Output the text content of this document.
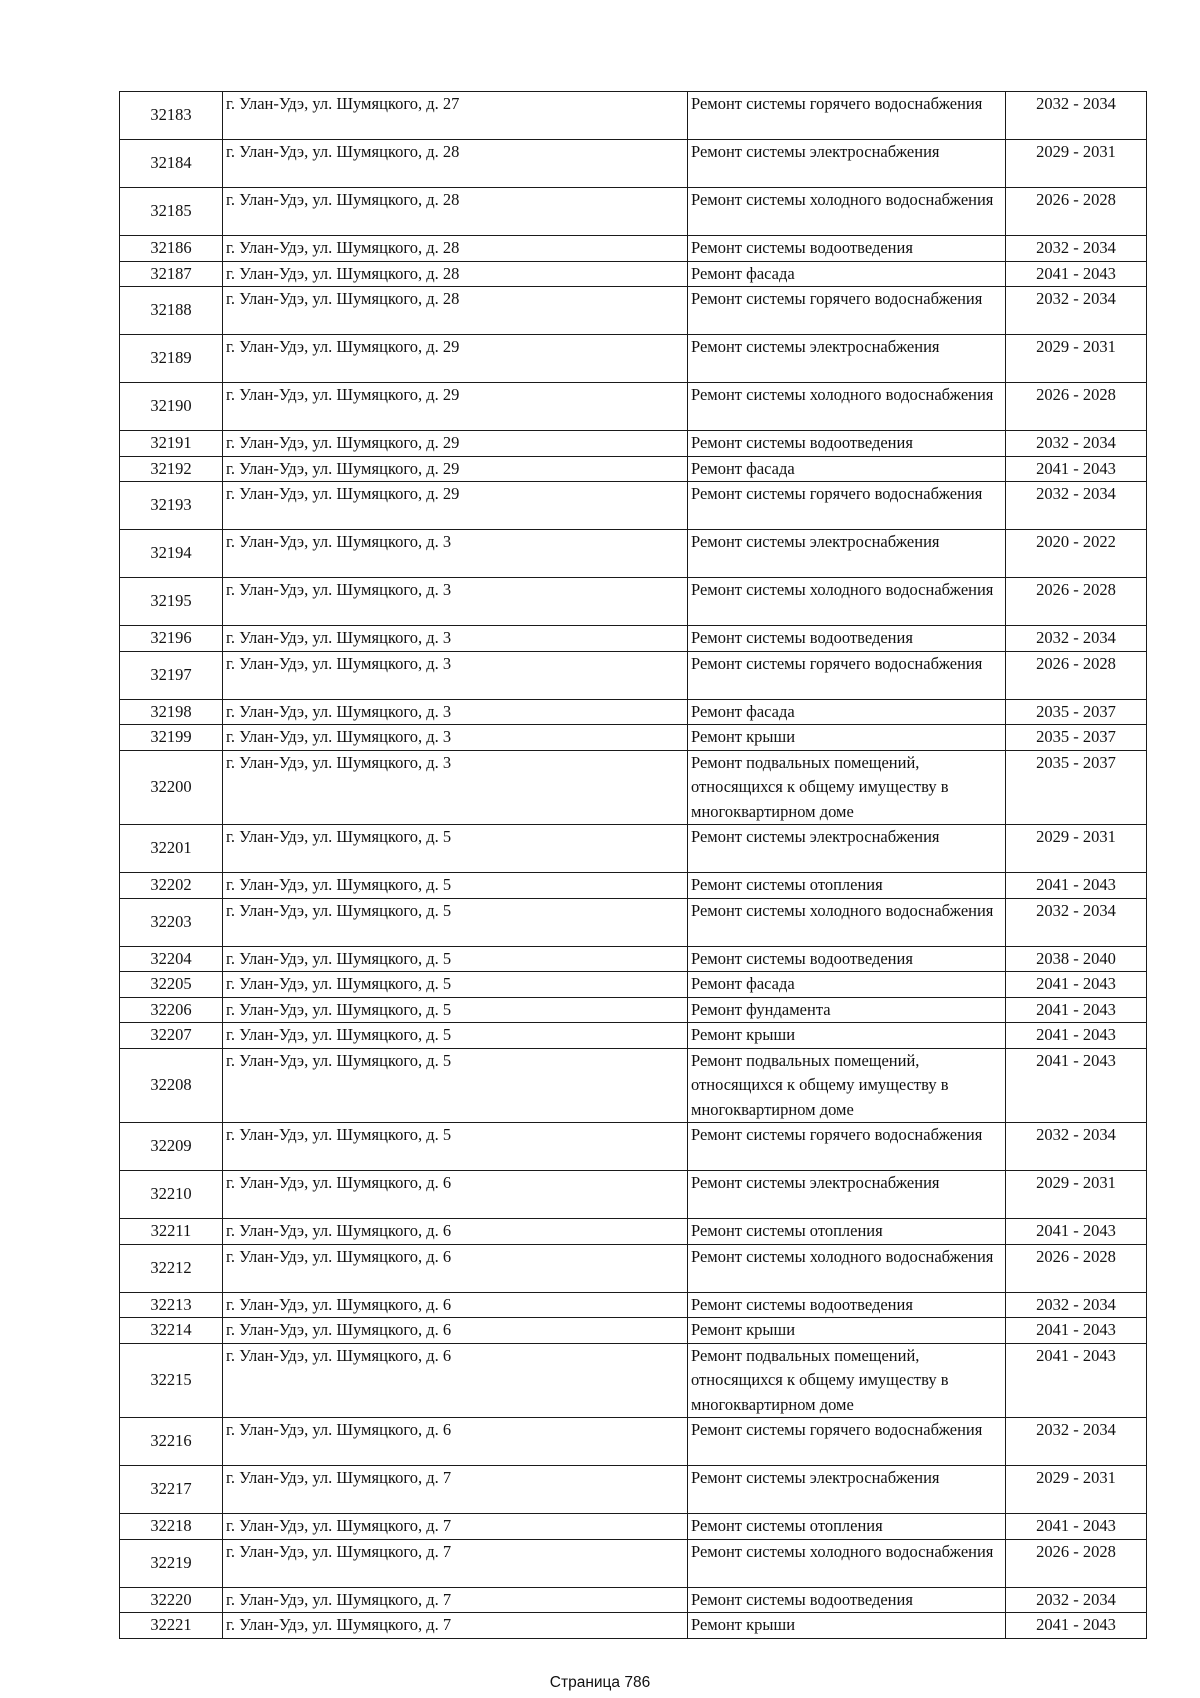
32183	г. Улан-Удэ, ул. Шумяцкого, д. 27	Ремонт системы горячего водоснабжения	2032 - 2034
32184	г. Улан-Удэ, ул. Шумяцкого, д. 28	Ремонт системы электроснабжения	2029 - 2031
32185	г. Улан-Удэ, ул. Шумяцкого, д. 28	Ремонт системы холодного водоснабжения	2026 - 2028
32186	г. Улан-Удэ, ул. Шумяцкого, д. 28	Ремонт системы водоотведения	2032 - 2034
32187	г. Улан-Удэ, ул. Шумяцкого, д. 28	Ремонт фасада	2041 - 2043
32188	г. Улан-Удэ, ул. Шумяцкого, д. 28	Ремонт системы горячего водоснабжения	2032 - 2034
32189	г. Улан-Удэ, ул. Шумяцкого, д. 29	Ремонт системы электроснабжения	2029 - 2031
32190	г. Улан-Удэ, ул. Шумяцкого, д. 29	Ремонт системы холодного водоснабжения	2026 - 2028
32191	г. Улан-Удэ, ул. Шумяцкого, д. 29	Ремонт системы водоотведения	2032 - 2034
32192	г. Улан-Удэ, ул. Шумяцкого, д. 29	Ремонт фасада	2041 - 2043
32193	г. Улан-Удэ, ул. Шумяцкого, д. 29	Ремонт системы горячего водоснабжения	2032 - 2034
32194	г. Улан-Удэ, ул. Шумяцкого, д. 3	Ремонт системы электроснабжения	2020 - 2022
32195	г. Улан-Удэ, ул. Шумяцкого, д. 3	Ремонт системы холодного водоснабжения	2026 - 2028
32196	г. Улан-Удэ, ул. Шумяцкого, д. 3	Ремонт системы водоотведения	2032 - 2034
32197	г. Улан-Удэ, ул. Шумяцкого, д. 3	Ремонт системы горячего водоснабжения	2026 - 2028
32198	г. Улан-Удэ, ул. Шумяцкого, д. 3	Ремонт фасада	2035 - 2037
32199	г. Улан-Удэ, ул. Шумяцкого, д. 3	Ремонт крыши	2035 - 2037
32200	г. Улан-Удэ, ул. Шумяцкого, д. 3	Ремонт подвальных помещений, относящихся к общему имуществу в многоквартирном доме	2035 - 2037
32201	г. Улан-Удэ, ул. Шумяцкого, д. 5	Ремонт системы электроснабжения	2029 - 2031
32202	г. Улан-Удэ, ул. Шумяцкого, д. 5	Ремонт системы отопления	2041 - 2043
32203	г. Улан-Удэ, ул. Шумяцкого, д. 5	Ремонт системы холодного водоснабжения	2032 - 2034
32204	г. Улан-Удэ, ул. Шумяцкого, д. 5	Ремонт системы водоотведения	2038 - 2040
32205	г. Улан-Удэ, ул. Шумяцкого, д. 5	Ремонт фасада	2041 - 2043
32206	г. Улан-Удэ, ул. Шумяцкого, д. 5	Ремонт фундамента	2041 - 2043
32207	г. Улан-Удэ, ул. Шумяцкого, д. 5	Ремонт крыши	2041 - 2043
32208	г. Улан-Удэ, ул. Шумяцкого, д. 5	Ремонт подвальных помещений, относящихся к общему имуществу в многоквартирном доме	2041 - 2043
32209	г. Улан-Удэ, ул. Шумяцкого, д. 5	Ремонт системы горячего водоснабжения	2032 - 2034
32210	г. Улан-Удэ, ул. Шумяцкого, д. 6	Ремонт системы электроснабжения	2029 - 2031
32211	г. Улан-Удэ, ул. Шумяцкого, д. 6	Ремонт системы отопления	2041 - 2043
32212	г. Улан-Удэ, ул. Шумяцкого, д. 6	Ремонт системы холодного водоснабжения	2026 - 2028
32213	г. Улан-Удэ, ул. Шумяцкого, д. 6	Ремонт системы водоотведения	2032 - 2034
32214	г. Улан-Удэ, ул. Шумяцкого, д. 6	Ремонт крыши	2041 - 2043
32215	г. Улан-Удэ, ул. Шумяцкого, д. 6	Ремонт подвальных помещений, относящихся к общему имуществу в многоквартирном доме	2041 - 2043
32216	г. Улан-Удэ, ул. Шумяцкого, д. 6	Ремонт системы горячего водоснабжения	2032 - 2034
32217	г. Улан-Удэ, ул. Шумяцкого, д. 7	Ремонт системы электроснабжения	2029 - 2031
32218	г. Улан-Удэ, ул. Шумяцкого, д. 7	Ремонт системы отопления	2041 - 2043
32219	г. Улан-Удэ, ул. Шумяцкого, д. 7	Ремонт системы холодного водоснабжения	2026 - 2028
32220	г. Улан-Удэ, ул. Шумяцкого, д. 7	Ремонт системы водоотведения	2032 - 2034
32221	г. Улан-Удэ, ул. Шумяцкого, д. 7	Ремонт крыши	2041 - 2043
Страница 786
